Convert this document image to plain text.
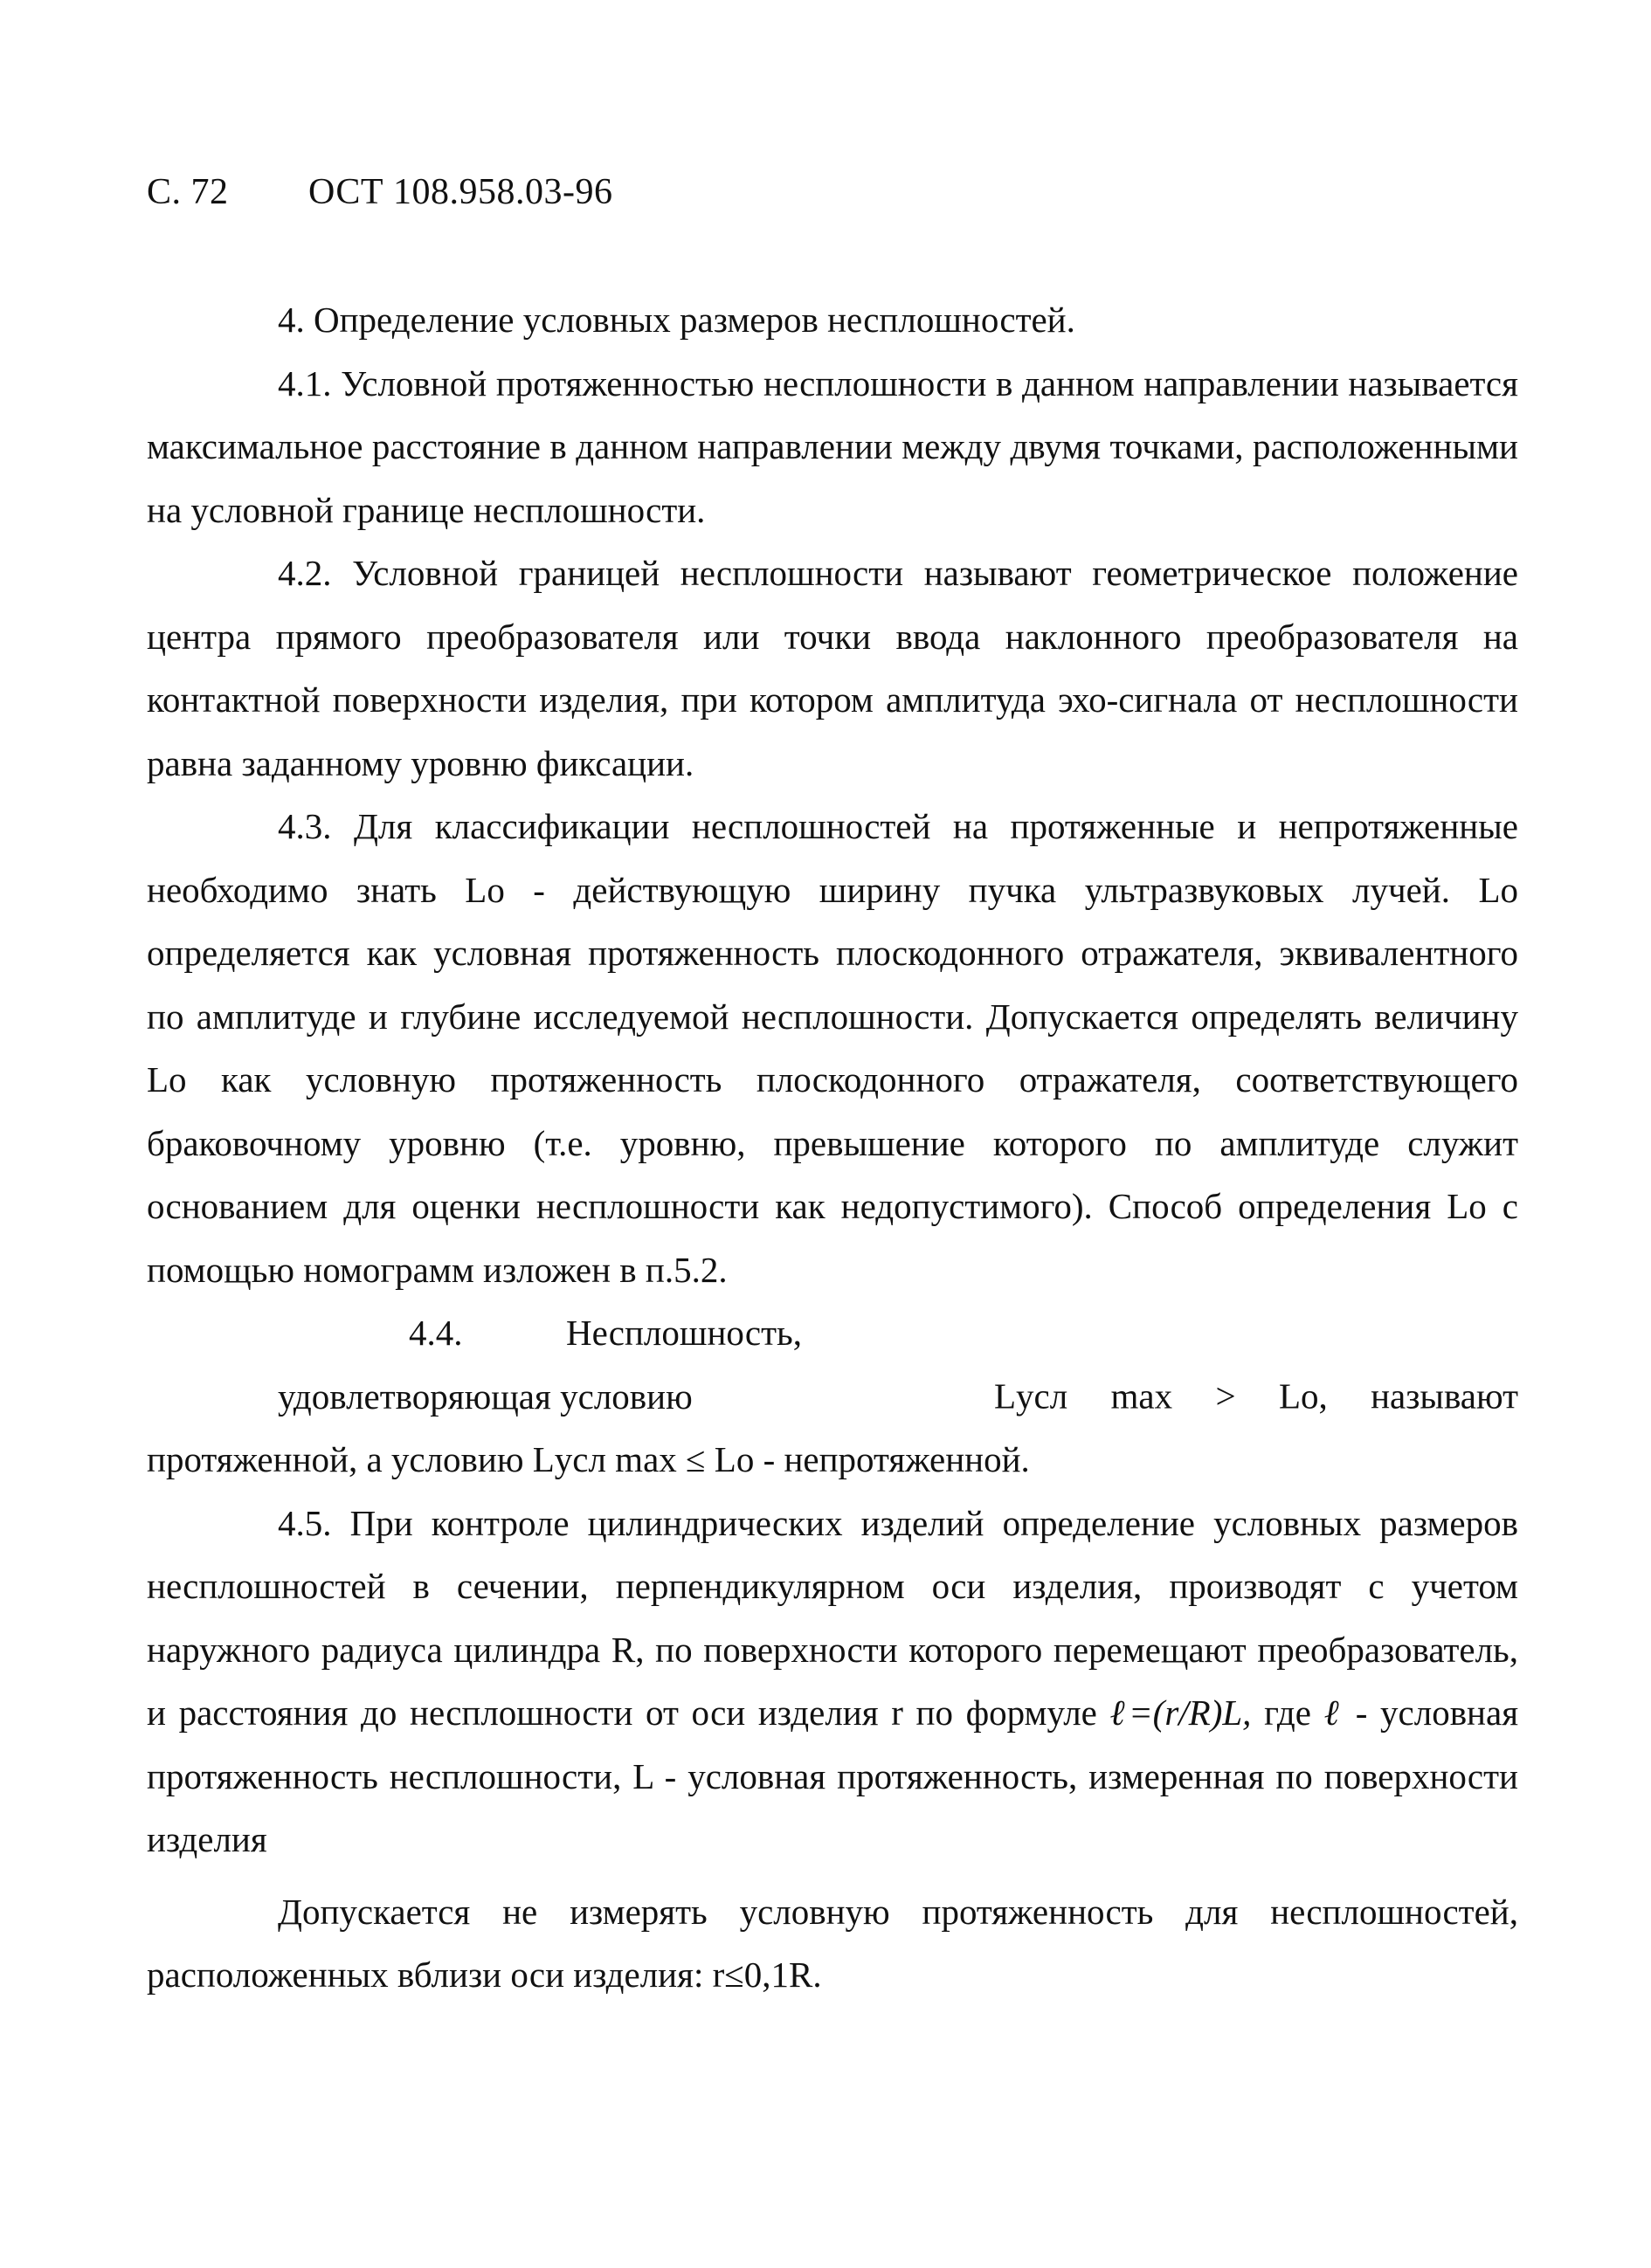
С. 72 ОСТ 108.958.03-96

4. Определение условных размеров несплошностей.

4.1. Условной протяженностью несплошности в данном направлении называется максимальное расстояние в данном направлении между двумя точками, расположенными на условной границе несплошности.

4.2. Условной границей несплошности называют геометрическое положение центра прямого преобразователя или точки ввода наклонного преобразователя на контактной поверхности изделия, при котором амплитуда эхо-сигнала от несплошности равна заданному уровню фиксации.

4.3. Для классификации несплошностей на протяженные и непротяженные необходимо знать Lо - действующую ширину пучка ультразвуковых лучей. Lо определяется как условная протяженность плоскодонного отражателя, эквивалентного по амплитуде и глубине исследуемой несплошности. Допускается определять величину Lо как условную протяженность плоскодонного отражателя, соответствующего браковочному уровню (т.е. уровню, превышение которого по амплитуде служит основанием для оценки несплошности как недопустимого). Способ определения Lо с помощью номограмм изложен в п.5.2.

4.4. Несплошность, удовлетворяющая условию	Lусл max > Lо, называют протяженной, а условию Lусл max ≤ Lо - непротяженной.

4.5. При контроле цилиндрических изделий определение условных размеров несплошностей в сечении, перпендикулярном оси изделия, производят с учетом наружного радиуса цилиндра R, по поверхности которого перемещают преобразователь, и расстояния до несплошности от оси изделия r по формуле ℓ=(r/R)L, где ℓ - условная протяженность несплошности, L - условная протяженность, измеренная по поверхности изделия

Допускается не измерять условную протяженность для несплошностей, расположенных вблизи оси изделия: r≤0,1R.
